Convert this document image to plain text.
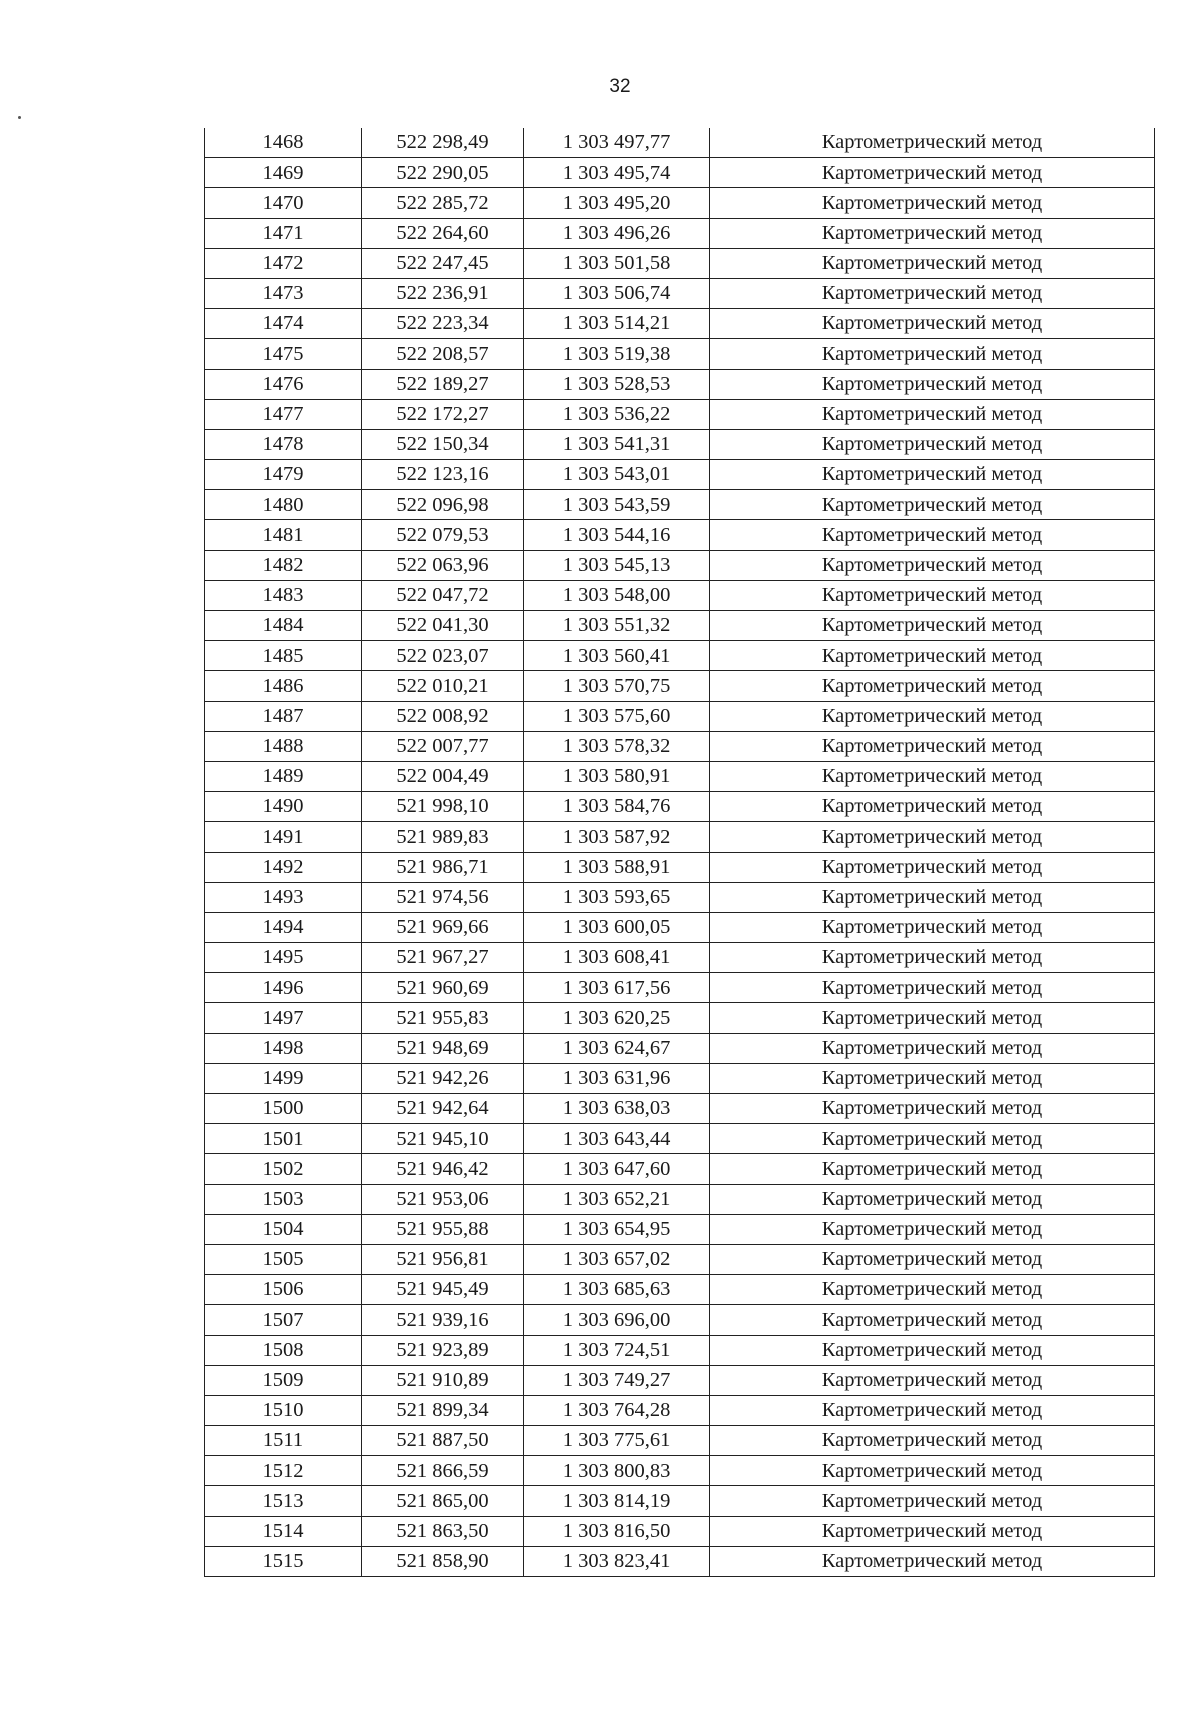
32
1468	522 298,49	1 303 497,77	Картометрический метод
1469	522 290,05	1 303 495,74	Картометрический метод
1470	522 285,72	1 303 495,20	Картометрический метод
1471	522 264,60	1 303 496,26	Картометрический метод
1472	522 247,45	1 303 501,58	Картометрический метод
1473	522 236,91	1 303 506,74	Картометрический метод
1474	522 223,34	1 303 514,21	Картометрический метод
1475	522 208,57	1 303 519,38	Картометрический метод
1476	522 189,27	1 303 528,53	Картометрический метод
1477	522 172,27	1 303 536,22	Картометрический метод
1478	522 150,34	1 303 541,31	Картометрический метод
1479	522 123,16	1 303 543,01	Картометрический метод
1480	522 096,98	1 303 543,59	Картометрический метод
1481	522 079,53	1 303 544,16	Картометрический метод
1482	522 063,96	1 303 545,13	Картометрический метод
1483	522 047,72	1 303 548,00	Картометрический метод
1484	522 041,30	1 303 551,32	Картометрический метод
1485	522 023,07	1 303 560,41	Картометрический метод
1486	522 010,21	1 303 570,75	Картометрический метод
1487	522 008,92	1 303 575,60	Картометрический метод
1488	522 007,77	1 303 578,32	Картометрический метод
1489	522 004,49	1 303 580,91	Картометрический метод
1490	521 998,10	1 303 584,76	Картометрический метод
1491	521 989,83	1 303 587,92	Картометрический метод
1492	521 986,71	1 303 588,91	Картометрический метод
1493	521 974,56	1 303 593,65	Картометрический метод
1494	521 969,66	1 303 600,05	Картометрический метод
1495	521 967,27	1 303 608,41	Картометрический метод
1496	521 960,69	1 303 617,56	Картометрический метод
1497	521 955,83	1 303 620,25	Картометрический метод
1498	521 948,69	1 303 624,67	Картометрический метод
1499	521 942,26	1 303 631,96	Картометрический метод
1500	521 942,64	1 303 638,03	Картометрический метод
1501	521 945,10	1 303 643,44	Картометрический метод
1502	521 946,42	1 303 647,60	Картометрический метод
1503	521 953,06	1 303 652,21	Картометрический метод
1504	521 955,88	1 303 654,95	Картометрический метод
1505	521 956,81	1 303 657,02	Картометрический метод
1506	521 945,49	1 303 685,63	Картометрический метод
1507	521 939,16	1 303 696,00	Картометрический метод
1508	521 923,89	1 303 724,51	Картометрический метод
1509	521 910,89	1 303 749,27	Картометрический метод
1510	521 899,34	1 303 764,28	Картометрический метод
1511	521 887,50	1 303 775,61	Картометрический метод
1512	521 866,59	1 303 800,83	Картометрический метод
1513	521 865,00	1 303 814,19	Картометрический метод
1514	521 863,50	1 303 816,50	Картометрический метод
1515	521 858,90	1 303 823,41	Картометрический метод
